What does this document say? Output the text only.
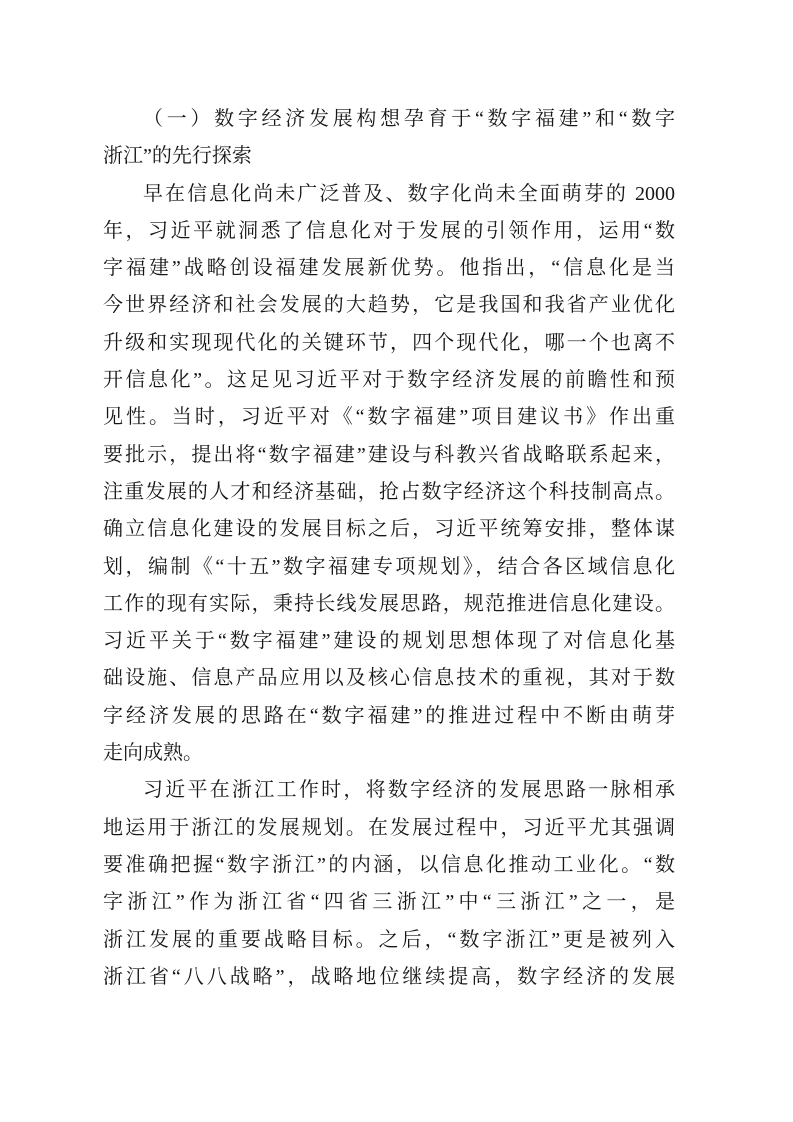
（一）数字经济发展构想孕育于“数字福建”和“数字
浙江”的先行探索
早在信息化尚未广泛普及、数字化尚未全面萌芽的 2000
年，习近平就洞悉了信息化对于发展的引领作用，运用“数
字福建”战略创设福建发展新优势。他指出，“信息化是当
今世界经济和社会发展的大趋势，它是我国和我省产业优化
升级和实现现代化的关键环节，四个现代化，哪一个也离不
开信息化”。这足见习近平对于数字经济发展的前瞻性和预
见性。当时，习近平对《“数字福建”项目建议书》作出重
要批示，提出将“数字福建”建设与科教兴省战略联系起来，
注重发展的人才和经济基础，抢占数字经济这个科技制高点。
确立信息化建设的发展目标之后，习近平统筹安排，整体谋
划，编制《“十五”数字福建专项规划》，结合各区域信息化
工作的现有实际，秉持长线发展思路，规范推进信息化建设。
习近平关于“数字福建”建设的规划思想体现了对信息化基
础设施、信息产品应用以及核心信息技术的重视，其对于数
字经济发展的思路在“数字福建”的推进过程中不断由萌芽
走向成熟。
习近平在浙江工作时，将数字经济的发展思路一脉相承
地运用于浙江的发展规划。在发展过程中，习近平尤其强调
要准确把握“数字浙江”的内涵，以信息化推动工业化。“数
字浙江”作为浙江省“四省三浙江”中“三浙江”之一，是
浙江发展的重要战略目标。之后，“数字浙江”更是被列入
浙江省“八八战略”，战略地位继续提高，数字经济的发展
